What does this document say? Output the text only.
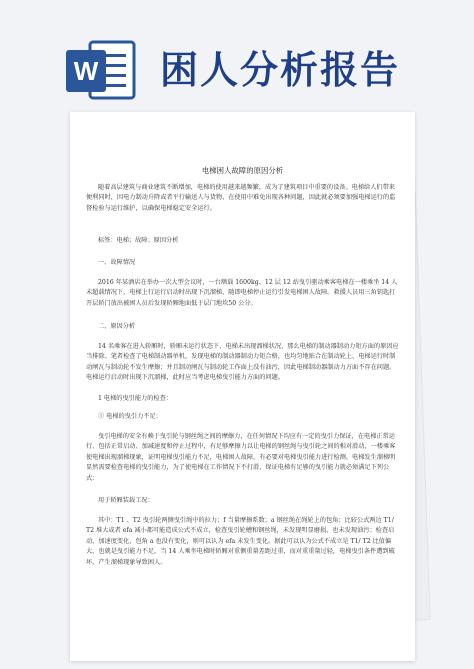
W 困人分析报告
电梯困人故障的原因分析

随着高层建筑与商业建筑不断增加，电梯的使用越来越频繁，成为了建筑项目中重要的设备。电梯给人们带来便利同时，因电力制动升降或者平行输送人与货物，在使用中难免出现各种问题，因此就必须要加强电梯运行的监督检验与运行维护，以确保电梯稳定安全运行。

标签：电梯；故障；原因分析

一、故障情况

2016 年某酒店在举办一次大型会议时，一台额载 1600kg、12 层 12 站曳引驱动乘客电梯在一楼乘坐 14 人未超载情况下，电梯上行运行启动时出现下沉溜梯，随即电梯停止运行引发电梯困人故障。救援人员用三角钥匙打开层轿门放出被困人员后发现轿厢地面低于层门地坎50 公分。

二、原因分析

14 名乘客在进入轿厢时，轿厢未运行状态下，电梯未出现溜梯状况，那么电梯的制动器制动力矩方面的原因应当排除。笔者检查了电梯制动器单机，发现电梯的制动器制动力矩合格，也均匀地贴合在制动轮上，电梯运行时制动闸瓦与制动轮不发生摩擦；并且制动闸瓦与制动轮工作面上没有油污，因此电梯制动器制动力方面不存在问题。电梯运行启动时出现下沉溜梯，此时应当考虑电梯曳引能力方面的问题。

1 电梯的曳引能力的检查：

① 电梯的曳引力不足：

曳引电梯的安全有赖于曳引轮与钢丝绳之间的摩擦力，在任何情况下均应有一定的曳引力保证，在电梯正常运行、包括正常启动、加减速度和停止过程中，有足够摩擦力以让电梯的钢丝绳与曳引轮之间的相对滑动，一楼乘客使电梯出现溜梯现象，证明电梯曳引能力不足，电梯困人故障，有必要对电梯曳引能力进行检测。电梯发生溜梯明显然需要检查电梯的曳引能力，为了使电梯在工作情况下不打滑，保证电梯有足够的曳引能力就必须满足下列公式：

用于轿厢装载工况：

其中：T1 、T2 曳引轮两侧曳引绳中的拉力；f 当量摩擦系数；a 钢丝绳在绳轮上的包角；比较公式两边 T1/ T2 堆大或者 efa 减小都可能造成公式不成立，检查曳引轮槽和钢丝绳，未发现明显磨损，也未发现油污；检查启动、加速度变化，包角 a 也没有变化，则可以认为 efa 未发生变化。据此可以认为公式不成立是 T1/ T2 比值偏大，也就是曳引能力不足，当 14 人乘坐电梯时轿厢对重侧重量差距过重，而对重重量过轻，电梯曳引条件遭到破坏，产生溜梯现象导致困人。
